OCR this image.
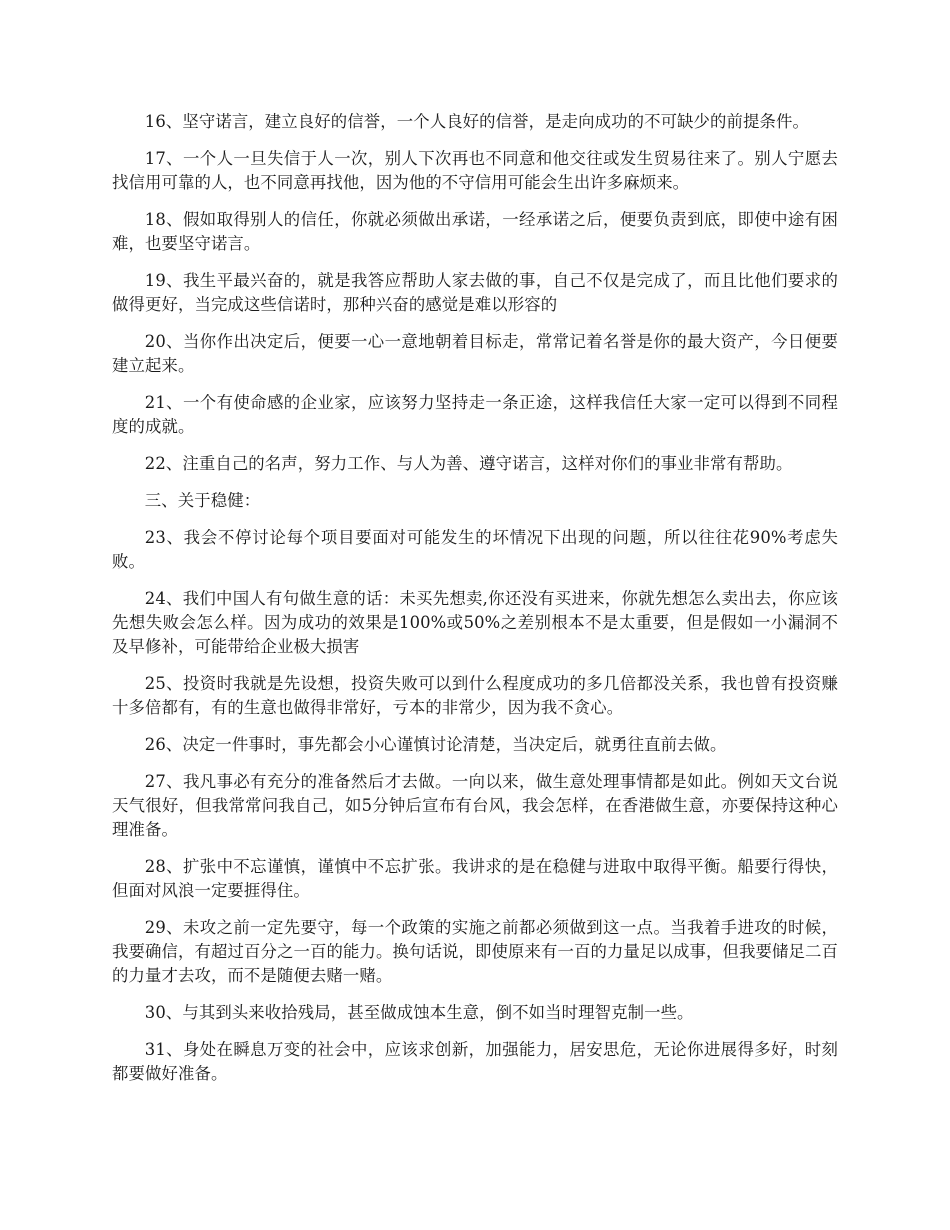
16、坚守诺言，建立良好的信誉，一个人良好的信誉，是走向成功的不可缺少的前提条件。

17、一个人一旦失信于人一次，别人下次再也不同意和他交往或发生贸易往来了。别人宁愿去找信用可靠的人，也不同意再找他，因为他的不守信用可能会生出许多麻烦来。

18、假如取得别人的信任，你就必须做出承诺，一经承诺之后，便要负责到底，即使中途有困难，也要坚守诺言。

19、我生平最兴奋的，就是我答应帮助人家去做的事，自己不仅是完成了，而且比他们要求的做得更好，当完成这些信诺时，那种兴奋的感觉是难以形容的

20、当你作出决定后，便要一心一意地朝着目标走，常常记着名誉是你的最大资产，今日便要建立起来。

21、一个有使命感的企业家，应该努力坚持走一条正途，这样我信任大家一定可以得到不同程度的成就。

22、注重自己的名声，努力工作、与人为善、遵守诺言，这样对你们的事业非常有帮助。

三、关于稳健：

23、我会不停讨论每个项目要面对可能发生的坏情况下出现的问题，所以往往花90%考虑失败。

24、我们中国人有句做生意的话：未买先想卖,你还没有买进来，你就先想怎么卖出去，你应该先想失败会怎么样。因为成功的效果是100%或50%之差别根本不是太重要，但是假如一小漏洞不及早修补，可能带给企业极大损害

25、投资时我就是先设想，投资失败可以到什么程度成功的多几倍都没关系，我也曾有投资赚十多倍都有，有的生意也做得非常好，亏本的非常少，因为我不贪心。

26、决定一件事时，事先都会小心谨慎讨论清楚，当决定后，就勇往直前去做。

27、我凡事必有充分的准备然后才去做。一向以来，做生意处理事情都是如此。例如天文台说天气很好，但我常常问我自己，如5分钟后宣布有台风，我会怎样，在香港做生意，亦要保持这种心理准备。

28、扩张中不忘谨慎，谨慎中不忘扩张。我讲求的是在稳健与进取中取得平衡。船要行得快，但面对风浪一定要捱得住。

29、未攻之前一定先要守，每一个政策的实施之前都必须做到这一点。当我着手进攻的时候，我要确信，有超过百分之一百的能力。换句话说，即使原来有一百的力量足以成事，但我要储足二百的力量才去攻，而不是随便去赌一赌。

30、与其到头来收拾残局，甚至做成蚀本生意，倒不如当时理智克制一些。

31、身处在瞬息万变的社会中，应该求创新，加强能力，居安思危，无论你进展得多好，时刻都要做好准备。
